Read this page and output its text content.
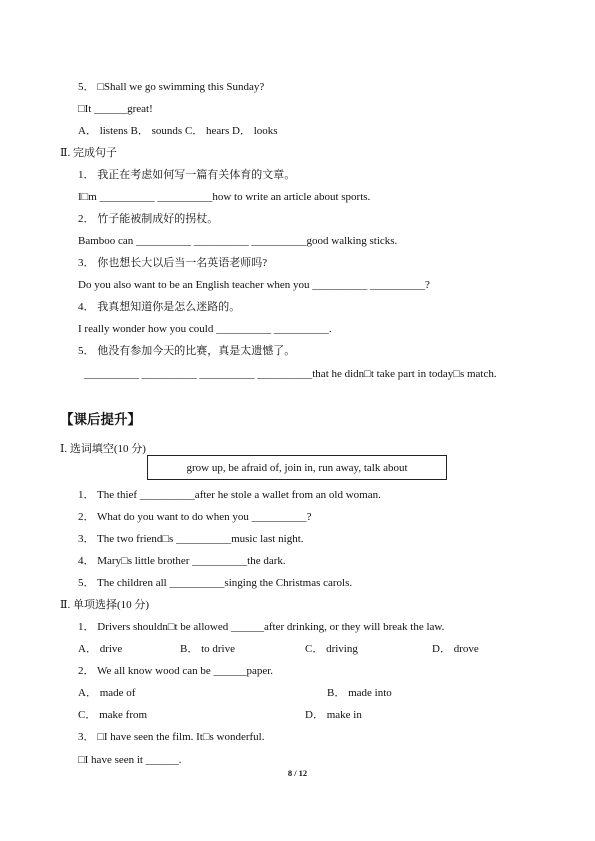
5． □Shall we go swimming this Sunday?
□It ______great!
A． listens B． sounds C． hears D． looks
Ⅱ. 完成句子
1． 我正在考虑如何写一篇有关体育的文章。
I□m __________ __________how to write an article about sports.
2． 竹子能被制成好的拐杖。
Bamboo can __________ __________ __________good walking sticks.
3． 你也想长大以后当一名英语老师吗?
Do you also want to be an English teacher when you __________ __________?
4． 我真想知道你是怎么迷路的。
I really wonder how you could __________ __________.
5． 他没有参加今天的比赛，真是太遗憾了。
__________ __________ __________ __________that he didn□t take part in today□s match.
Ⅰ. 选词填空(10 分)
1． The thief __________after he stole a wallet from an old woman.
2． What do you want to do when you __________?
3． The two friend□s __________music last night.
4． Mary□s little brother __________the dark.
5． The children all __________singing the Christmas carols.
Ⅱ. 单项选择(10 分)
1． Drivers shouldn□t be allowed ______after drinking, or they will break the law.
A． drive	B． to drive	C． driving	D． drove
2． We all know wood can be ______paper.
A． made of	B． made into
C． make from	D． make in
3． □I have seen the film. It□s wonderful.
□I have seen it ______.
【课后提升】
grow up, be afraid of, join in, run away, talk about
8 / 12
